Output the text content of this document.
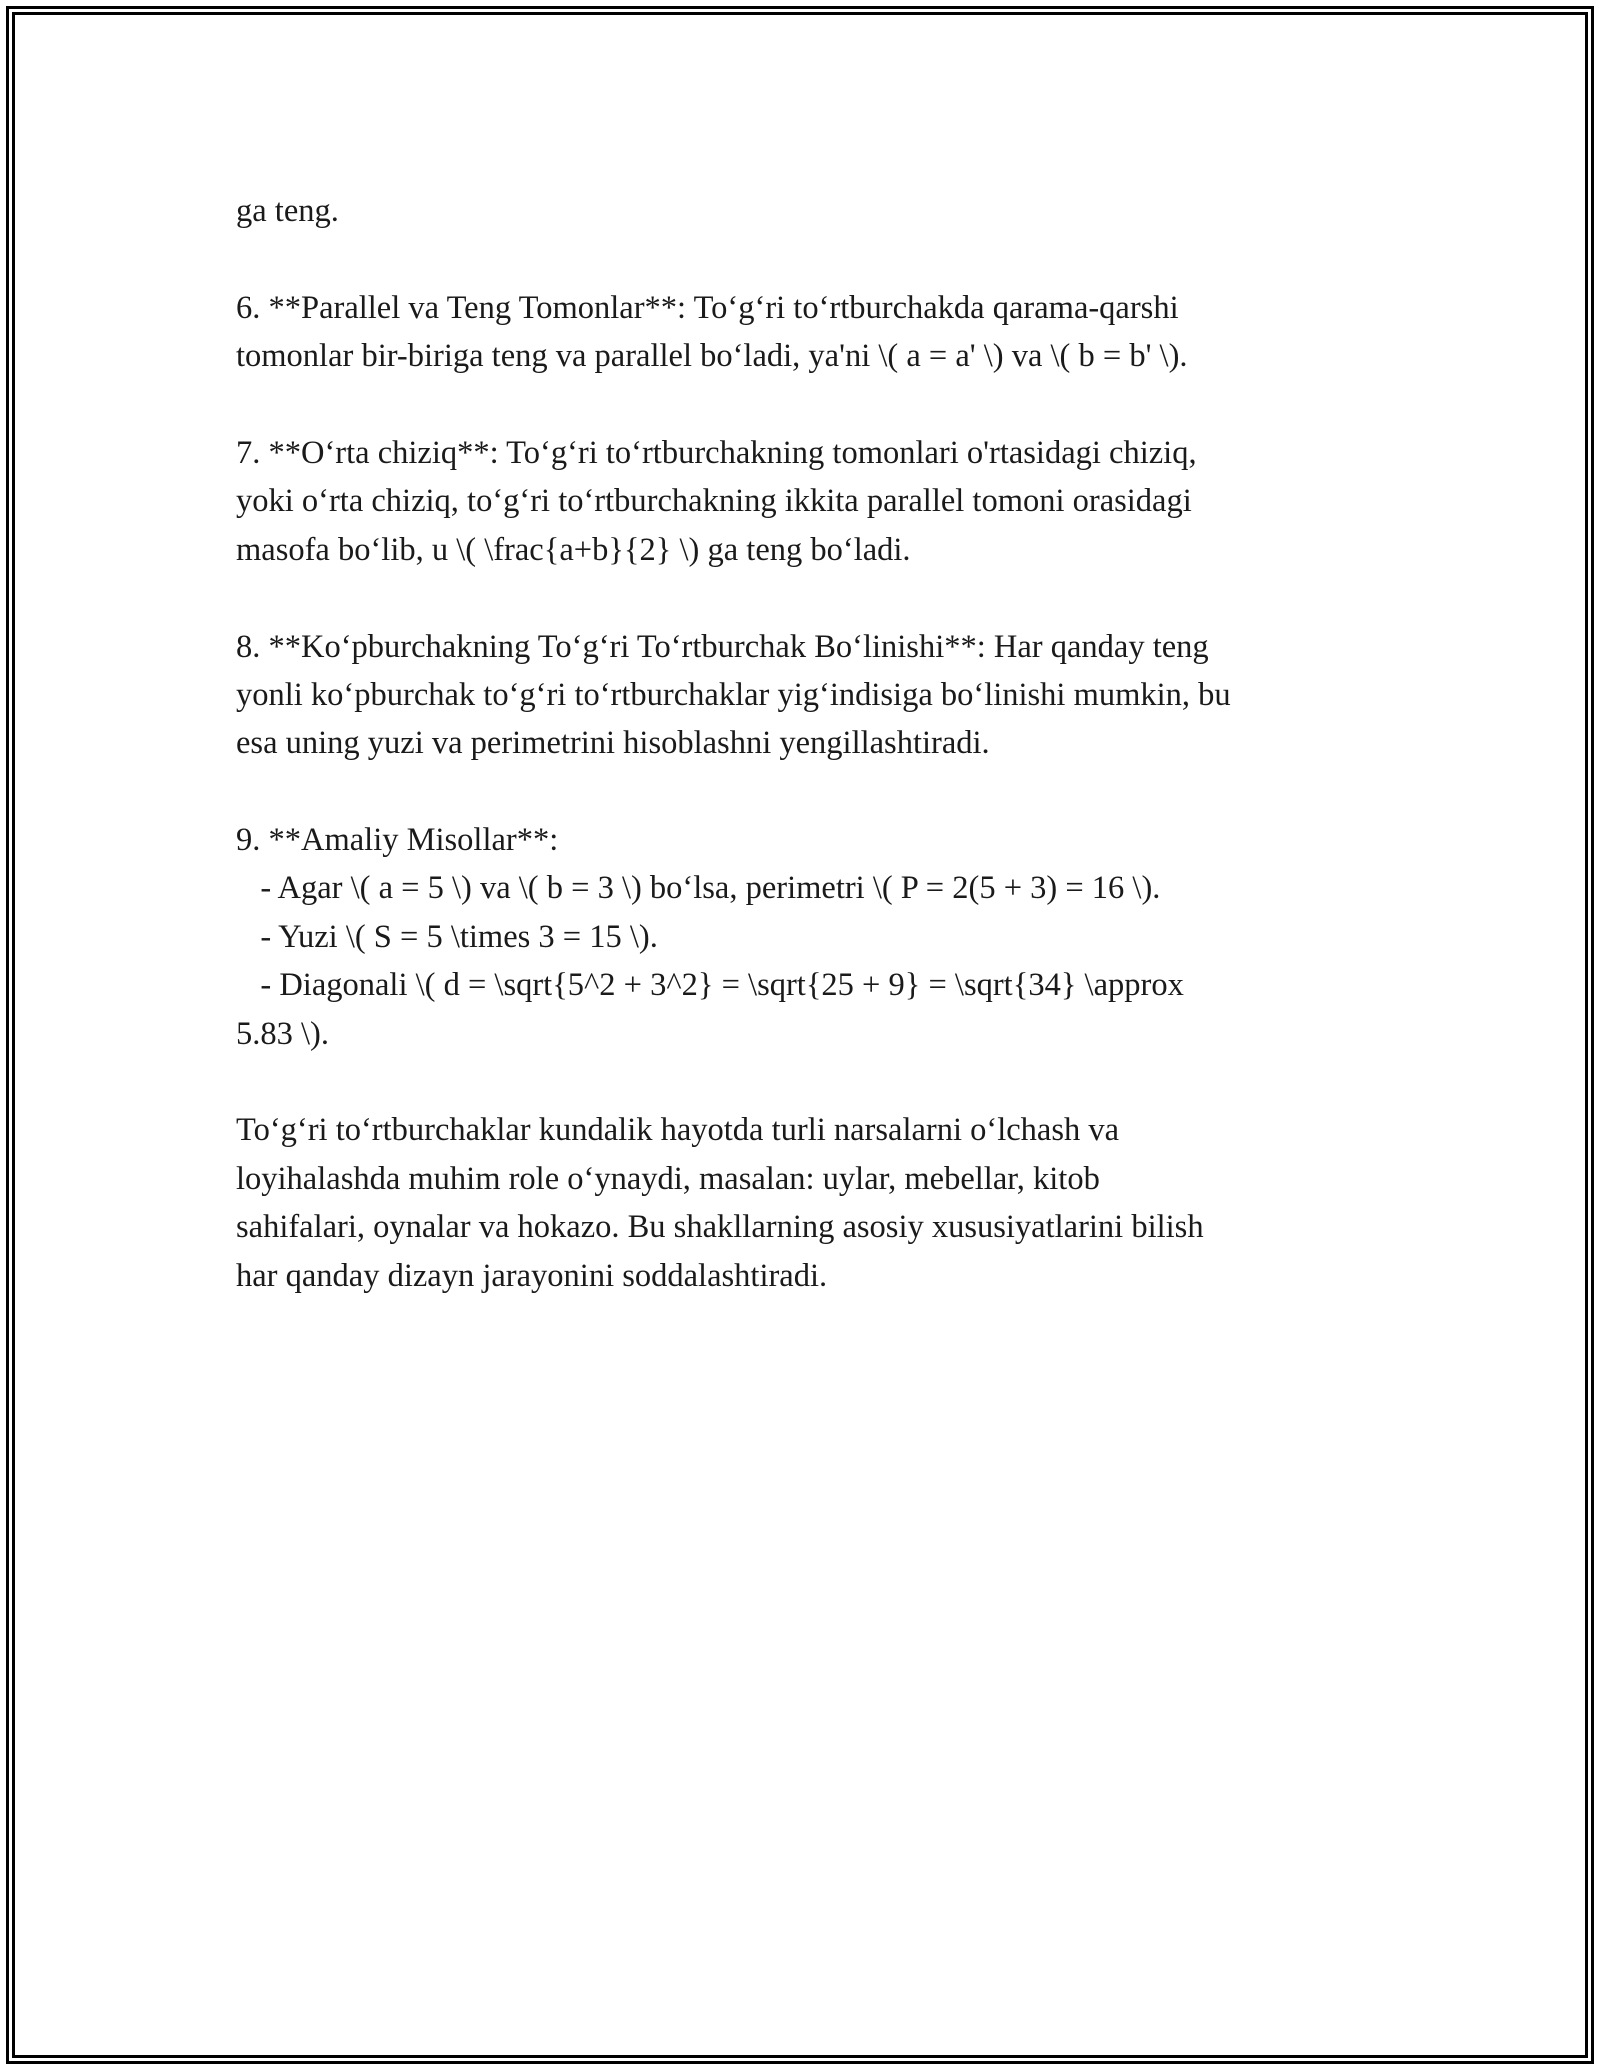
ga teng.
6. **Parallel va Teng Tomonlar**: To‘g‘ri to‘rtburchakda qarama-qarshi
tomonlar bir-biriga teng va parallel bo‘ladi, ya'ni \( a = a' \) va \( b = b' \).
7. **O‘rta chiziq**: To‘g‘ri to‘rtburchakning tomonlari o'rtasidagi chiziq,
yoki o‘rta chiziq, to‘g‘ri to‘rtburchakning ikkita parallel tomoni orasidagi
masofa bo‘lib, u \( \frac{a+b}{2} \) ga teng bo‘ladi.
8. **Ko‘pburchakning To‘g‘ri To‘rtburchak Bo‘linishi**: Har qanday teng
yonli ko‘pburchak to‘g‘ri to‘rtburchaklar yig‘indisiga bo‘linishi mumkin, bu
esa uning yuzi va perimetrini hisoblashni yengillashtiradi.
9. **Amaliy Misollar**:
- Agar \( a = 5 \) va \( b = 3 \) bo‘lsa, perimetri \( P = 2(5 + 3) = 16 \).
- Yuzi \( S = 5 \times 3 = 15 \).
- Diagonali \( d = \sqrt{5^2 + 3^2} = \sqrt{25 + 9} = \sqrt{34} \approx
5.83 \).
To‘g‘ri to‘rtburchaklar kundalik hayotda turli narsalarni o‘lchash va
loyihalashda muhim role o‘ynaydi, masalan: uylar, mebellar, kitob
sahifalari, oynalar va hokazo. Bu shakllarning asosiy xususiyatlarini bilish
har qanday dizayn jarayonini soddalashtiradi.
